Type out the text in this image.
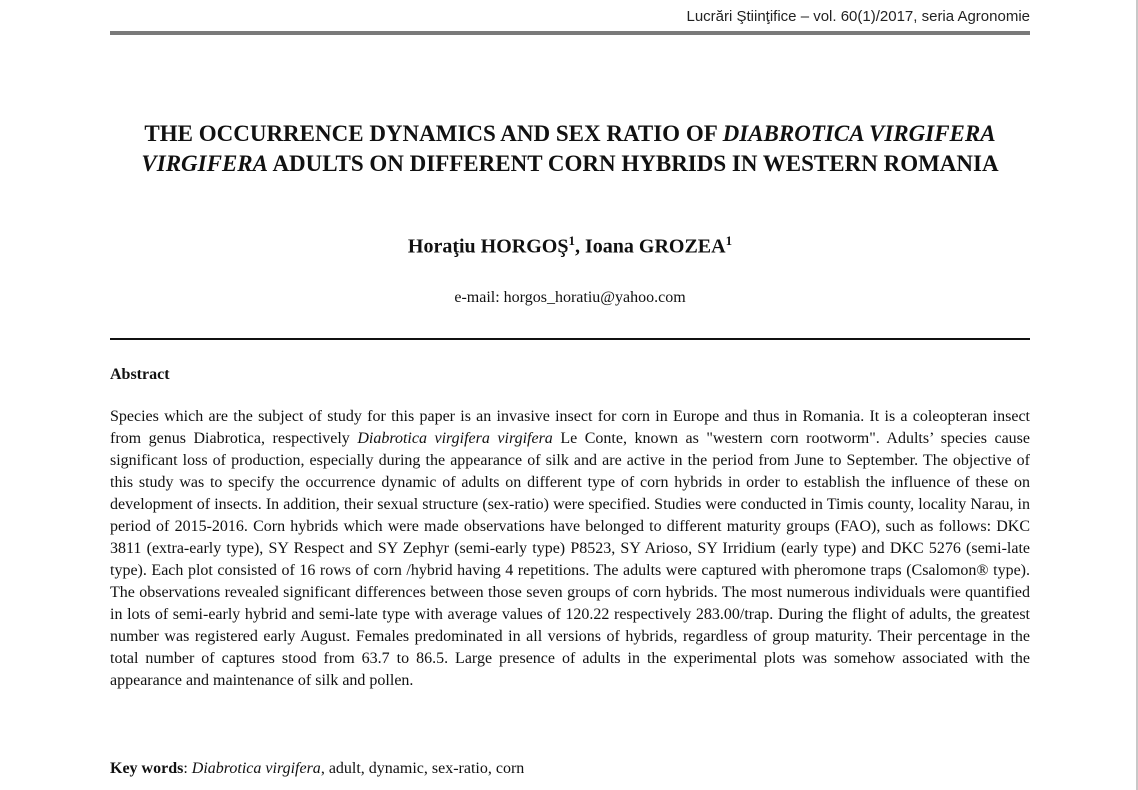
Lucrări Ştiinţifice – vol. 60(1)/2017, seria Agronomie
THE OCCURRENCE DYNAMICS AND SEX RATIO OF DIABROTICA VIRGIFERA VIRGIFERA ADULTS ON DIFFERENT CORN HYBRIDS IN WESTERN ROMANIA
Horaţiu HORGOŞ$^1$, Ioana GROZEA$^1$
e-mail: horgos_horatiu@yahoo.com
Abstract

Species which are the subject of study for this paper is an invasive insect for corn in Europe and thus in Romania. It is a coleopteran insect from genus Diabrotica, respectively Diabrotica virgifera virgifera Le Conte, known as "western corn rootworm". Adults’ species cause significant loss of production, especially during the appearance of silk and are active in the period from June to September. The objective of this study was to specify the occurrence dynamic of adults on different type of corn hybrids in order to establish the influence of these on development of insects. In addition, their sexual structure (sex-ratio) were specified. Studies were conducted in Timis county, locality Narau, in period of 2015-2016. Corn hybrids which were made observations have belonged to different maturity groups (FAO), such as follows: DKC 3811 (extra-early type), SY Respect and SY Zephyr (semi-early type) P8523, SY Arioso, SY Irridium (early type) and DKC 5276 (semi-late type). Each plot consisted of 16 rows of corn /hybrid having 4 repetitions. The adults were captured with pheromone traps (Csalomon® type). The observations revealed significant differences between those seven groups of corn hybrids. The most numerous individuals were quantified in lots of semi-early hybrid and semi-late type with average values of 120.22 respectively 283.00/trap. During the flight of adults, the greatest number was registered early August. Females predominated in all versions of hybrids, regardless of group maturity. Their percentage in the total number of captures stood from 63.7 to 86.5. Large presence of adults in the experimental plots was somehow associated with the appearance and maintenance of silk and pollen.

Key words: Diabrotica virgifera, adult, dynamic, sex-ratio, corn
